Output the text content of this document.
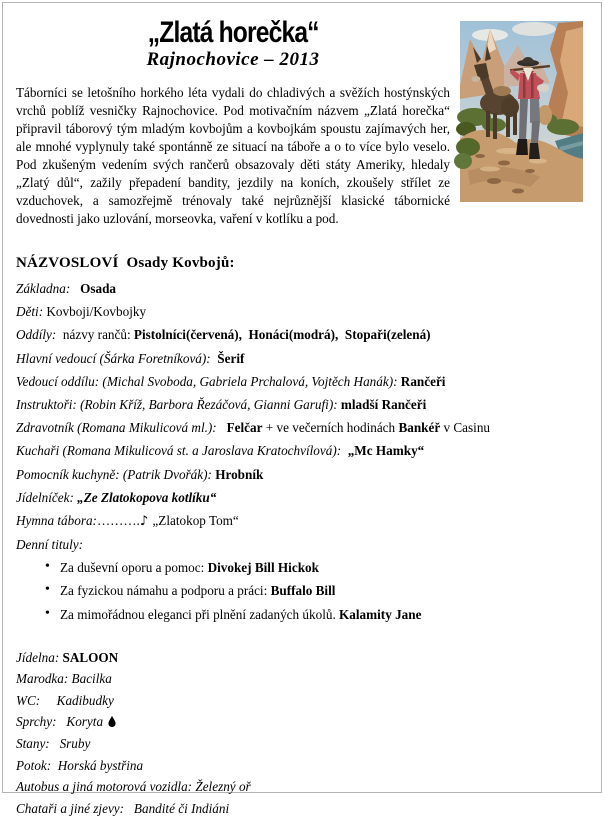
„Zlatá horečka“
Rajnochovice – 2013

Táborníci se letošního horkého léta vydali do chladivých a svěžích hostýnských vrchů poblíž vesničky Rajnochovice. Pod motivačním názvem „Zlatá horečka“ připravil táborový tým mladým kovbojům a kovbojkám spoustu zajímavých her, ale mnohé vyplynuly také spontánně ze situací na táboře a o to více bylo veselo. Pod zkušeným vedením svých rančerů obsazovaly děti státy Ameriky, hledaly „Zlatý důl“, zažily přepadení bandity, jezdily na koních, zkoušely střílet ze vzduchovek, a samozřejmě trénovaly také nejrůznější klasické tábornické dovednosti jako uzlování, morseovka, vaření v kotlíku a pod.

NÁZVOSLOVÍ  Osady Kovbojů:
Základna:   Osada
Děti: Kovboji/Kovbojky
Oddíly:  názvy rančů: Pistolníci(červená),  Honáci(modrá),  Stopaři(zelená)
Hlavní vedoucí (Šárka Foretníková):  Šerif
Vedoucí oddílu: (Michal Svoboda, Gabriela Prchalová, Vojtěch Hanák): Rančeři
Instruktoři: (Robin Kříž, Barbora Řezáčová, Gianni Garufi): mladší Rančeři
Zdravotník (Romana Mikulicová ml.):   Felčar + ve večerních hodinách Bankéř v Casinu
Kuchaři (Romana Mikulicová st. a Jaroslava Kratochvílová):  „Mc Hamky“
Pomocník kuchyně: (Patrik Dvořák): Hrobník
Jídelníček: „Ze Zlatokopova kotlíku“
Hymna tábora:……….♪ „Zlatokop Tom“
Denní tituly:
• Za duševní oporu a pomoc: Divokej Bill Hickok
• Za fyzickou námahu a podporu a práci: Buffalo Bill
• Za mimořádnou eleganci při plnění zadaných úkolů. Kalamity Jane
Jídelna: SALOON
Marodka: Bacilka
WC:     Kadibudky
Sprchy:   Koryta
Stany:   Sruby
Potok:  Horská bystřina
Autobus a jiná motorová vozidla: Železný oř
Chataři a jiné zjevy:   Bandité či Indiáni
